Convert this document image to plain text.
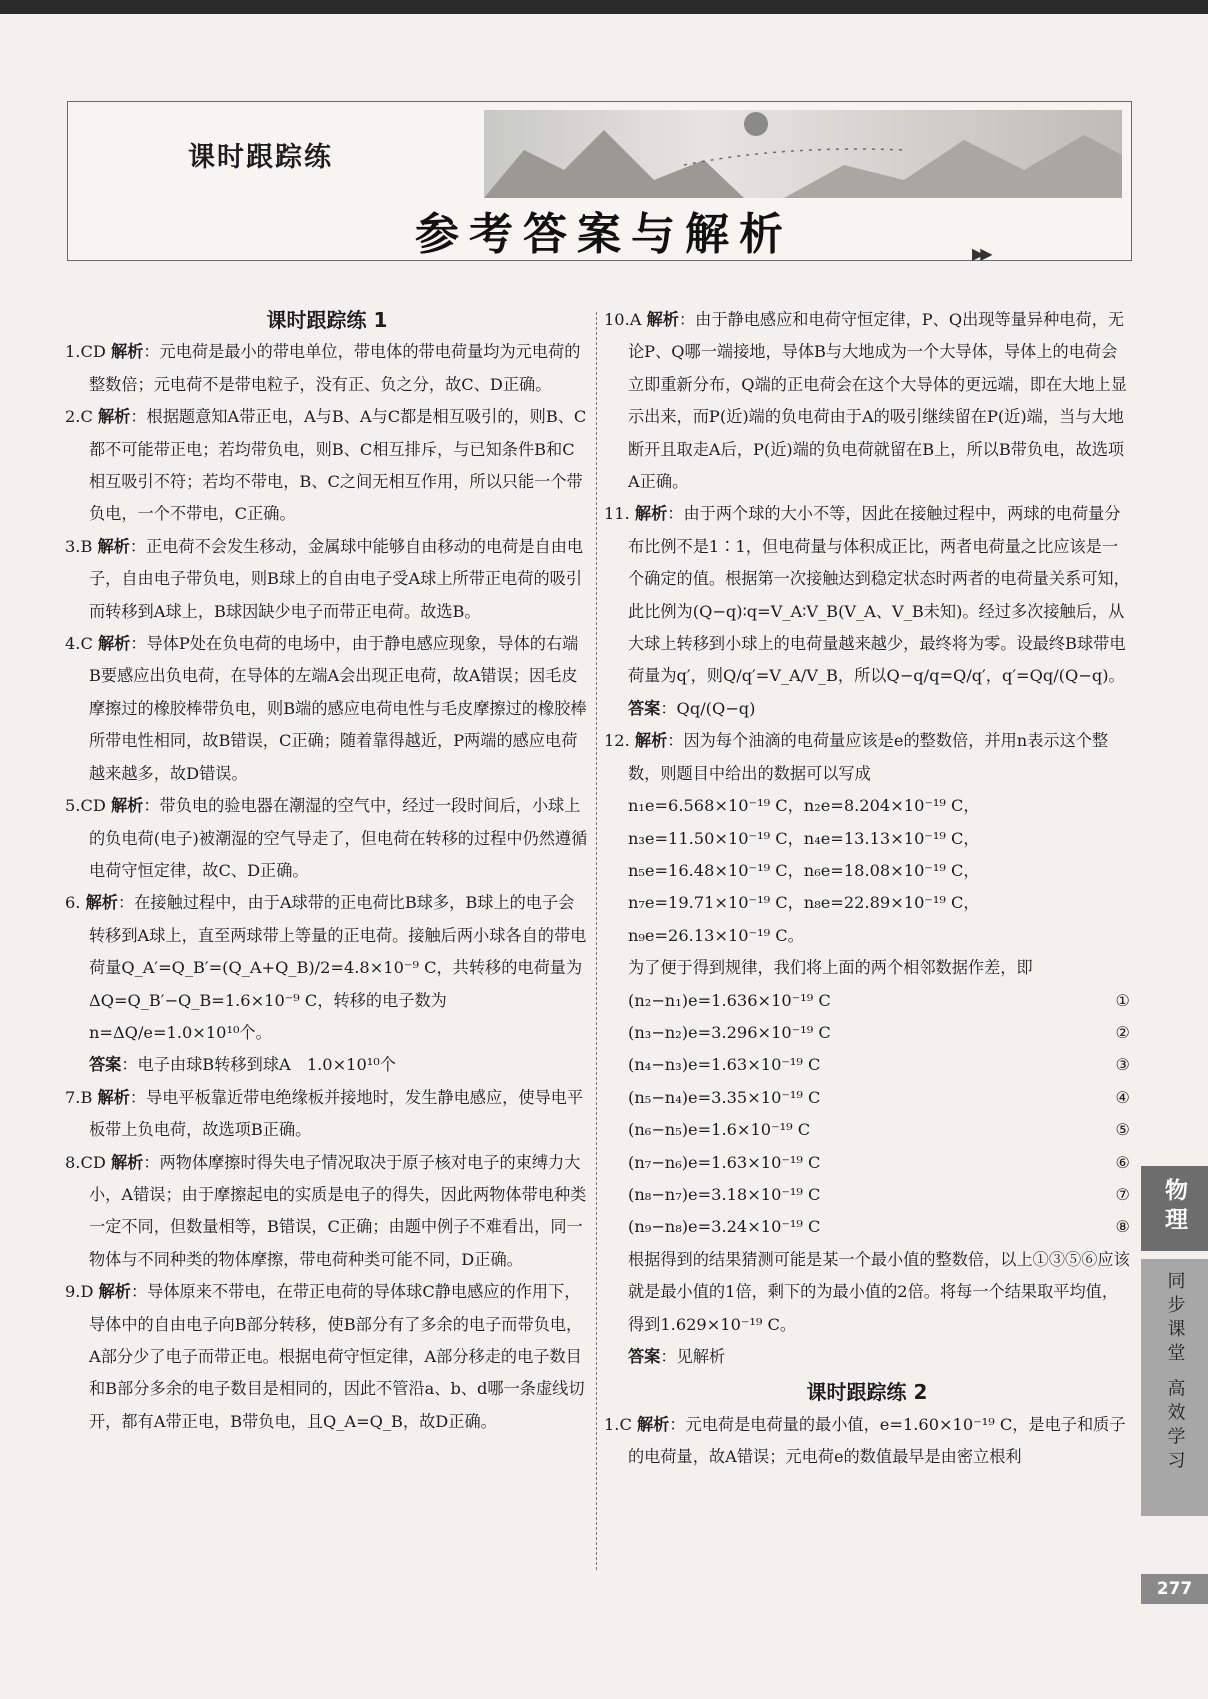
课时跟踪练
参考答案与解析	▶▶

课时跟踪练 1

1.CD 解析：元电荷是最小的带电单位，带电体的带电荷量均为元电荷的整数倍；元电荷不是带电粒子，没有正、负之分，故C、D正确。

2.C 解析：根据题意知A带正电，A与B、A与C都是相互吸引的，则B、C都不可能带正电；若均带负电，则B、C相互排斥，与已知条件B和C相互吸引不符；若均不带电，B、C之间无相互作用，所以只能一个带负电，一个不带电，C正确。

3.B 解析：正电荷不会发生移动，金属球中能够自由移动的电荷是自由电子，自由电子带负电，则B球上的自由电子受A球上所带正电荷的吸引而转移到A球上，B球因缺少电子而带正电荷。故选B。

4.C 解析：导体P处在负电荷的电场中，由于静电感应现象，导体的右端B要感应出负电荷，在导体的左端A会出现正电荷，故A错误；因毛皮摩擦过的橡胶棒带负电，则B端的感应电荷电性与毛皮摩擦过的橡胶棒所带电性相同，故B错误，C正确；随着靠得越近，P两端的感应电荷越来越多，故D错误。

5.CD 解析：带负电的验电器在潮湿的空气中，经过一段时间后，小球上的负电荷(电子)被潮湿的空气导走了，但电荷在转移的过程中仍然遵循电荷守恒定律，故C、D正确。

6. 解析：在接触过程中，由于A球带的正电荷比B球多，B球上的电子会转移到A球上，直至两球带上等量的正电荷。接触后两小球各自的带电荷量Q_A′=Q_B′=(Q_A+Q_B)/2=4.8×10⁻⁹ C，共转移的电荷量为ΔQ=Q_B′−Q_B=1.6×10⁻⁹ C，转移的电子数为n=ΔQ/e=1.0×10¹⁰个。

答案：电子由球B转移到球A　1.0×10¹⁰个

7.B 解析：导电平板靠近带电绝缘板并接地时，发生静电感应，使导电平板带上负电荷，故选项B正确。

8.CD 解析：两物体摩擦时得失电子情况取决于原子核对电子的束缚力大小，A错误；由于摩擦起电的实质是电子的得失，因此两物体带电种类一定不同，但数量相等，B错误，C正确；由题中例子不难看出，同一物体与不同种类的物体摩擦，带电荷种类可能不同，D正确。

9.D 解析：导体原来不带电，在带正电荷的导体球C静电感应的作用下，导体中的自由电子向B部分转移，使B部分有了多余的电子而带负电，A部分少了电子而带正电。根据电荷守恒定律，A部分移走的电子数目和B部分多余的电子数目是相同的，因此不管沿a、b、d哪一条虚线切开，都有A带正电，B带负电，且Q_A=Q_B，故D正确。

10.A 解析：由于静电感应和电荷守恒定律，P、Q出现等量异种电荷，无论P、Q哪一端接地，导体B与大地成为一个大导体，导体上的电荷会立即重新分布，Q端的正电荷会在这个大导体的更远端，即在大地上显示出来，而P(近)端的负电荷由于A的吸引继续留在P(近)端，当与大地断开且取走A后，P(近)端的负电荷就留在B上，所以B带负电，故选项A正确。

11. 解析：由于两个球的大小不等，因此在接触过程中，两球的电荷量分布比例不是1∶1，但电荷量与体积成正比，两者电荷量之比应该是一个确定的值。根据第一次接触达到稳定状态时两者的电荷量关系可知，此比例为(Q−q)∶q=V_A∶V_B(V_A、V_B未知)。经过多次接触后，从大球上转移到小球上的电荷量越来越少，最终将为零。设最终B球带电荷量为q′，则Q/q′=V_A/V_B，所以Q−q/q=Q/q′，q′=Qq/(Q−q)。

答案：Qq/(Q−q)

12. 解析：因为每个油滴的电荷量应该是e的整数倍，并用n表示这个整数，则题目中给出的数据可以写成

n₁e=6.568×10⁻¹⁹ C，n₂e=8.204×10⁻¹⁹ C，

n₃e=11.50×10⁻¹⁹ C，n₄e=13.13×10⁻¹⁹ C，

n₅e=16.48×10⁻¹⁹ C，n₆e=18.08×10⁻¹⁹ C，

n₇e=19.71×10⁻¹⁹ C，n₈e=22.89×10⁻¹⁹ C，

n₉e=26.13×10⁻¹⁹ C。

为了便于得到规律，我们将上面的两个相邻数据作差，即

(n₂−n₁)e=1.636×10⁻¹⁹ C	①

(n₃−n₂)e=3.296×10⁻¹⁹ C	②

(n₄−n₃)e=1.63×10⁻¹⁹ C	③

(n₅−n₄)e=3.35×10⁻¹⁹ C	④

(n₆−n₅)e=1.6×10⁻¹⁹ C	⑤

(n₇−n₆)e=1.63×10⁻¹⁹ C	⑥

(n₈−n₇)e=3.18×10⁻¹⁹ C	⑦

(n₉−n₈)e=3.24×10⁻¹⁹ C	⑧

根据得到的结果猜测可能是某一个最小值的整数倍，以上①③⑤⑥应该就是最小值的1倍，剩下的为最小值的2倍。将每一个结果取平均值，得到1.629×10⁻¹⁹ C。

答案：见解析

课时跟踪练 2

1.C 解析：元电荷是电荷量的最小值，e=1.60×10⁻¹⁹ C，是电子和质子的电荷量，故A错误；元电荷e的数值最早是由密立根利

物理
同步课堂 高效学习
277
